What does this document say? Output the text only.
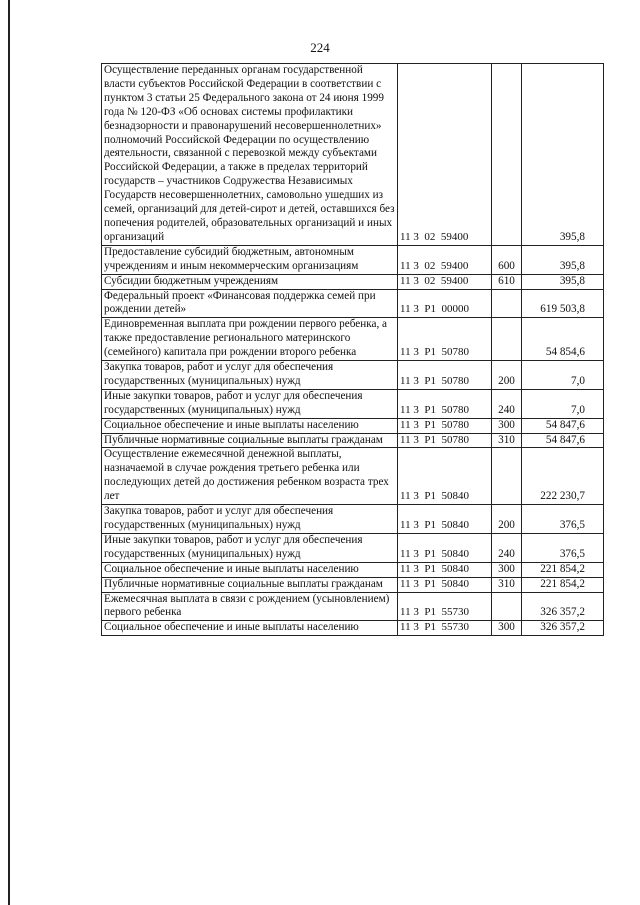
224
Осуществление переданных органам государственной власти субъектов Российской Федерации в соответствии с пунктом 3 статьи 25 Федерального закона от 24 июня 1999 года № 120-ФЗ «Об основах системы профилактики безнадзорности и правонарушений несовершеннолетних» полномочий Российской Федерации по осуществлению деятельности, связанной с перевозкой между субъектами Российской Федерации, а также в пределах территорий государств – участников Содружества Независимых Государств несовершеннолетних, самовольно ушедших из семей, организаций для детей-сирот и детей, оставшихся без попечения родителей, образовательных организаций и иных организаций	11 3  02  59400		395,8
Предоставление субсидий бюджетным, автономным учреждениям и иным некоммерческим организациям	11 3  02  59400	600	395,8
Субсидии бюджетным учреждениям	11 3  02  59400	610	395,8
Федеральный проект «Финансовая поддержка семей при рождении детей»	11 3  P1  00000		619 503,8
Единовременная выплата при рождении первого ребенка, а также предоставление регионального материнского (семейного) капитала при рождении второго ребенка	11 3  P1  50780		54 854,6
Закупка товаров, работ и услуг для обеспечения государственных (муниципальных) нужд	11 3  P1  50780	200	7,0
Иные закупки товаров, работ и услуг для обеспечения государственных (муниципальных) нужд	11 3  P1  50780	240	7,0
Социальное обеспечение и иные выплаты населению	11 3  P1  50780	300	54 847,6
Публичные нормативные социальные выплаты гражданам	11 3  P1  50780	310	54 847,6
Осуществление ежемесячной денежной выплаты, назначаемой в случае рождения третьего ребенка или последующих детей до достижения ребенком возраста трех лет	11 3  P1  50840		222 230,7
Закупка товаров, работ и услуг для обеспечения государственных (муниципальных) нужд	11 3  P1  50840	200	376,5
Иные закупки товаров, работ и услуг для обеспечения государственных (муниципальных) нужд	11 3  P1  50840	240	376,5
Социальное обеспечение и иные выплаты населению	11 3  P1  50840	300	221 854,2
Публичные нормативные социальные выплаты гражданам	11 3  P1  50840	310	221 854,2
Ежемесячная выплата в связи с рождением (усыновлением) первого ребенка	11 3  P1  55730		326 357,2
Социальное обеспечение и иные выплаты населению	11 3  P1  55730	300	326 357,2
